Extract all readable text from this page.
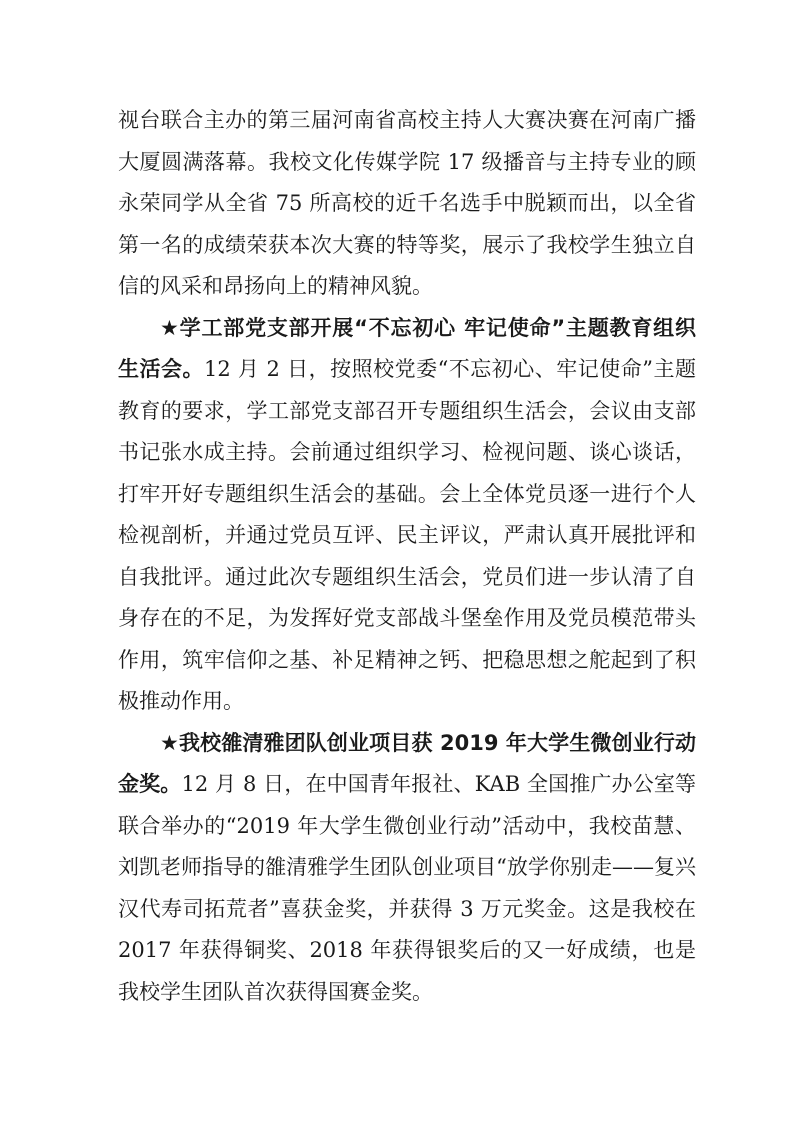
视台联合主办的第三届河南省高校主持人大赛决赛在河南广播大厦圆满落幕。我校文化传媒学院 17 级播音与主持专业的顾永荣同学从全省 75 所高校的近千名选手中脱颖而出，以全省第一名的成绩荣获本次大赛的特等奖，展示了我校学生独立自信的风采和昂扬向上的精神风貌。

★学工部党支部开展“不忘初心 牢记使命”主题教育组织生活会。12 月 2 日，按照校党委“不忘初心、牢记使命”主题教育的要求，学工部党支部召开专题组织生活会，会议由支部书记张水成主持。会前通过组织学习、检视问题、谈心谈话，打牢开好专题组织生活会的基础。会上全体党员逐一进行个人检视剖析，并通过党员互评、民主评议，严肃认真开展批评和自我批评。通过此次专题组织生活会，党员们进一步认清了自身存在的不足，为发挥好党支部战斗堡垒作用及党员模范带头作用，筑牢信仰之基、补足精神之钙、把稳思想之舵起到了积极推动作用。

★我校雒清雅团队创业项目获 2019 年大学生微创业行动金奖。12 月 8 日，在中国青年报社、KAB 全国推广办公室等联合举办的“2019 年大学生微创业行动”活动中，我校苗慧、刘凯老师指导的雒清雅学生团队创业项目“放学你别走——复兴汉代寿司拓荒者”喜获金奖，并获得 3 万元奖金。这是我校在 2017 年获得铜奖、2018 年获得银奖后的又一好成绩，也是我校学生团队首次获得国赛金奖。
